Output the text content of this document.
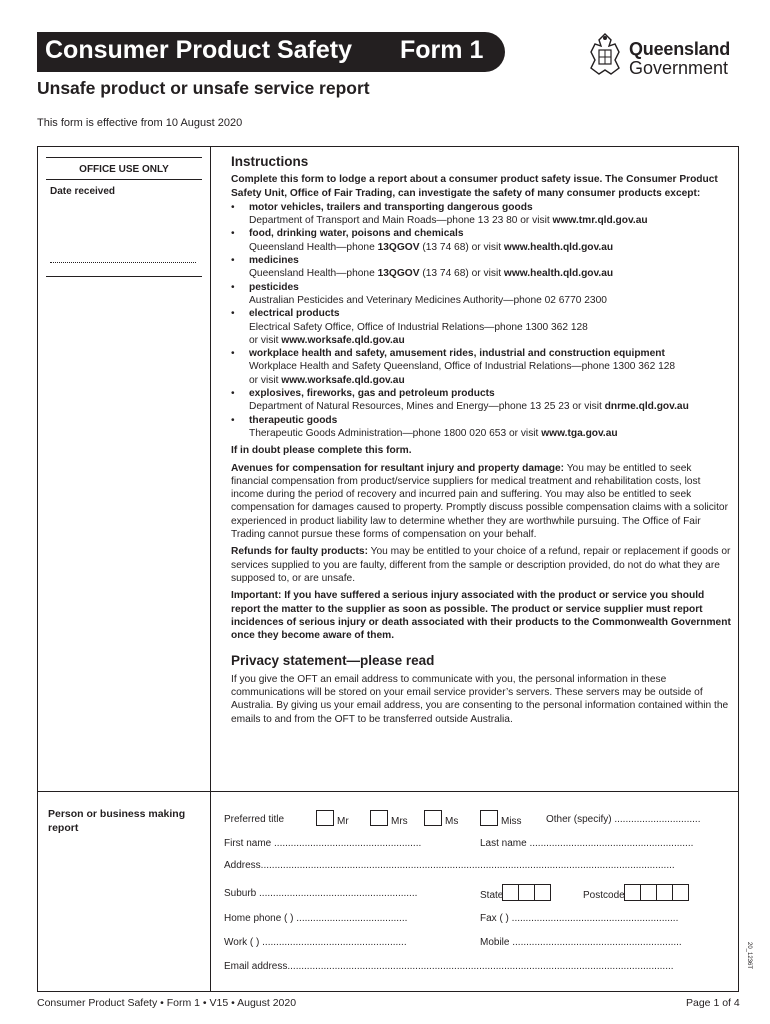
Consumer Product Safety Form 1	Queensland
Government
Unsafe product or unsafe service report
This form is effective from 10 August 2020
OFFICE USE ONLY
Date received
Instructions

Complete this form to lodge a report about a consumer product safety issue. The Consumer Product Safety Unit, Office of Fair Trading, can investigate the safety of many consumer products except:

• motor vehicles, trailers and transporting dangerous goods
Department of Transport and Main Roads—phone 13 23 80 or visit www.tmr.qld.gov.au
• food, drinking water, poisons and chemicals
Queensland Health—phone 13QGOV (13 74 68) or visit www.health.qld.gov.au
• medicines
Queensland Health—phone 13QGOV (13 74 68) or visit www.health.qld.gov.au
• pesticides
Australian Pesticides and Veterinary Medicines Authority—phone 02 6770 2300
• electrical products
Electrical Safety Office, Office of Industrial Relations—phone 1300 362 128
or visit www.worksafe.qld.gov.au
• workplace health and safety, amusement rides, industrial and construction equipment
Workplace Health and Safety Queensland, Office of Industrial Relations—phone 1300 362 128
or visit www.worksafe.qld.gov.au
• explosives, fireworks, gas and petroleum products
Department of Natural Resources, Mines and Energy—phone 13 25 23 or visit dnrme.qld.gov.au
• therapeutic goods
Therapeutic Goods Administration—phone 1800 020 653 or visit www.tga.gov.au

If in doubt please complete this form.

Avenues for compensation for resultant injury and property damage: You may be entitled to seek financial compensation from product/service suppliers for medical treatment and rehabilitation costs, lost income during the period of recovery and incurred pain and suffering. You may also be entitled to seek compensation for damages caused to property. Promptly discuss possible compensation claims with a solicitor experienced in product liability law to determine whether they are worthwhile pursuing. The Office of Fair Trading cannot pursue these forms of compensation on your behalf.

Refunds for faulty products: You may be entitled to your choice of a refund, repair or replacement if goods or services supplied to you are faulty, different from the sample or description provided, do not do what they are supposed to, or are unsafe.

Important: If you have suffered a serious injury associated with the product or service you should report the matter to the supplier as soon as possible. The product or service supplier must report incidences of serious injury or death associated with their products to the Commonwealth Government once they become aware of them.

Privacy statement—please read

If you give the OFT an email address to communicate with you, the personal information in these communications will be stored on your email service provider’s servers. These servers may be outside of Australia. By giving us your email address, you are consenting to the personal information contained within the emails to and from the OFT to be transferred outside Australia.

Person or business making report
Preferred title	Mr	Mrs	Ms	Miss Other (specify) ...............................
First name .....................................................	Last name ...........................................................
Address.....................................................................................................................................................
Suburb .........................................................	State	Postcode
Home phone ( ) ........................................	Fax ( ) ............................................................
Work ( ) ....................................................	Mobile .............................................................
Email address...........................................................................................................................................	20_1236T
Consumer Product Safety • Form 1 • V15 • August 2020	Page 1 of 4
